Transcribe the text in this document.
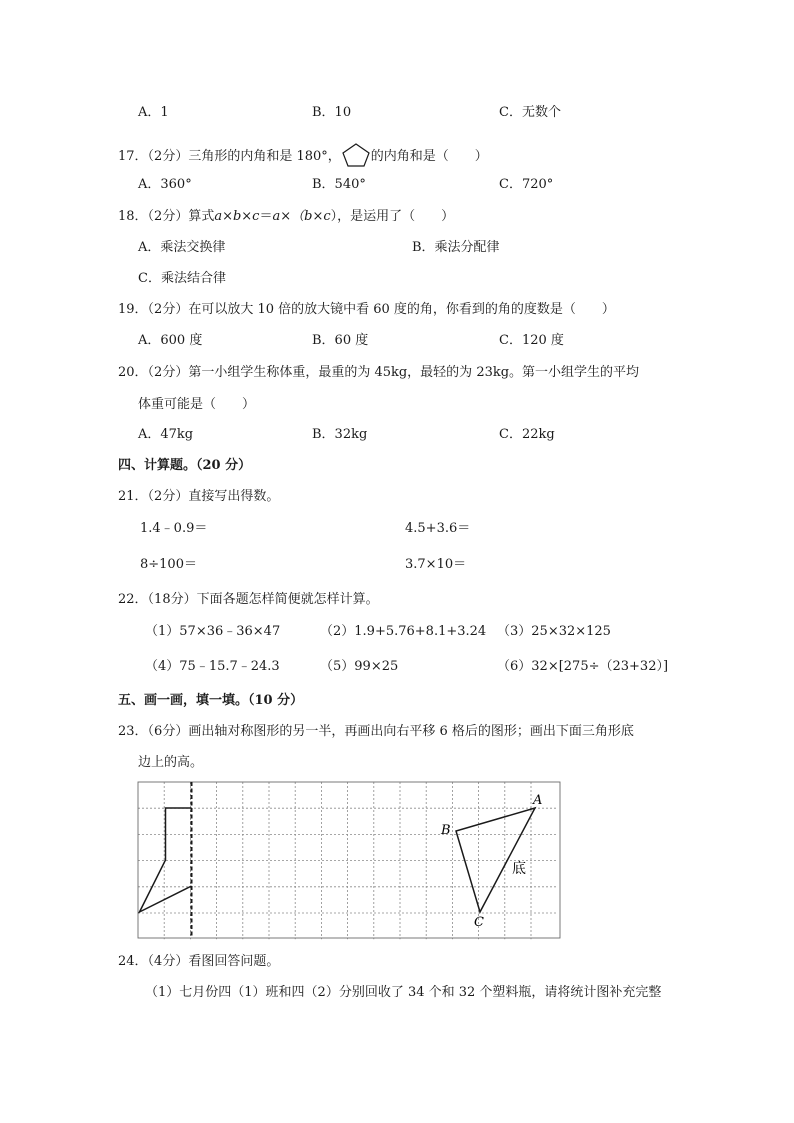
A．1	B．10	C．无数个
17．（2分）三角形的内角和是 180°， 的内角和是（　　）
A．360°	B．540°	C．720°
18．（2分）算式a×b×c＝a×（b×c），是运用了（　　）
A．乘法交换律	B．乘法分配律
C．乘法结合律
19．（2分）在可以放大 10 倍的放大镜中看 60 度的角，你看到的角的度数是（　　）
A．600 度	B．60 度	C．120 度
20．（2分）第一小组学生称体重，最重的为 45kg，最轻的为 23kg。第一小组学生的平均
体重可能是（　　）
A．47kg	B．32kg	C．22kg
四、计算题。（20 分）
21．（2分）直接写出得数。
1.4﹣0.9＝	4.5+3.6＝
8÷100＝	3.7×10＝
22．（18分）下面各题怎样简便就怎样计算。
（1）57×36﹣36×47	（2）1.9+5.76+8.1+3.24 （3）25×32×125
（4）75﹣15.7﹣24.3	（5）99×25	（6）32×[275÷（23+32）]
五、画一画，填一填。（10 分）
23．（6分）画出轴对称图形的另一半，再画出向右平移 6 格后的图形；画出下面三角形底
边上的高。
A
B
C
底
24．（4分）看图回答问题。
（1）七月份四（1）班和四（2）分别回收了 34 个和 32 个塑料瓶，请将统计图补充完整
